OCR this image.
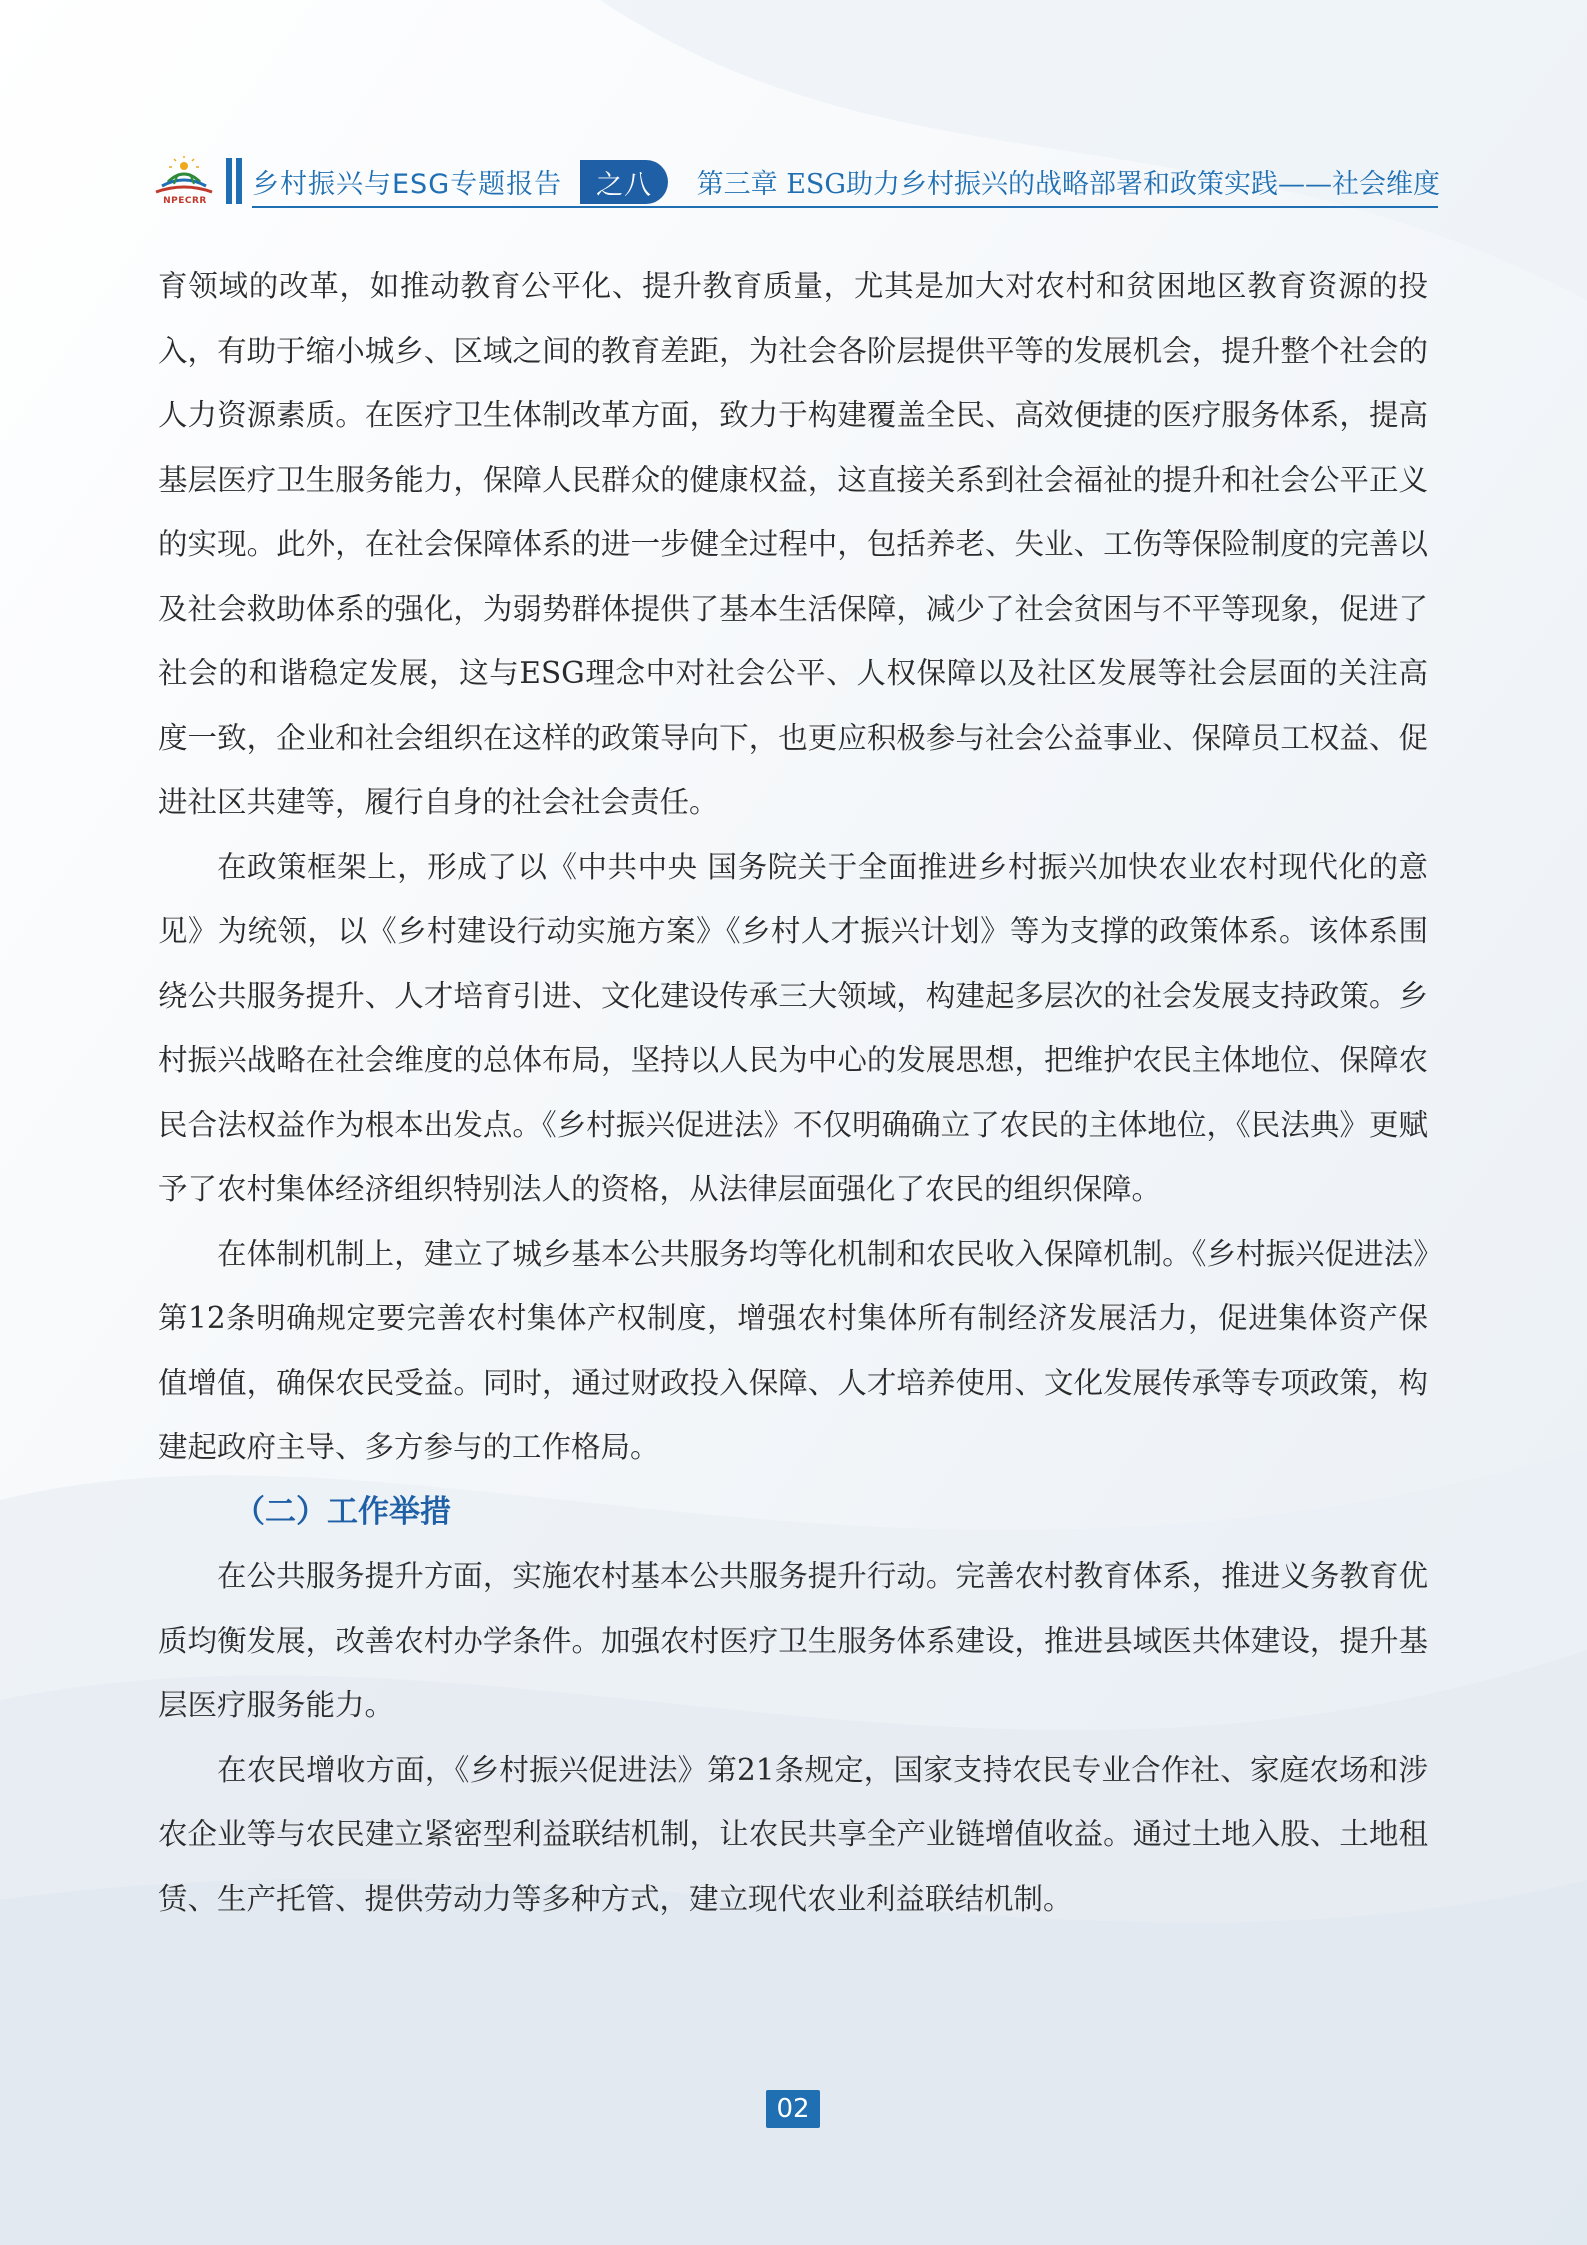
NPECRR
乡村振兴与ESG专题报告	之八	第三章 ESG助力乡村振兴的战略部署和政策实践——社会维度

育领域的改革，如推动教育公平化、提升教育质量，尤其是加大对农村和贫困地区教育资源的投入，有助于缩小城乡、区域之间的教育差距，为社会各阶层提供平等的发展机会，提升整个社会的人力资源素质。在医疗卫生体制改革方面，致力于构建覆盖全民、高效便捷的医疗服务体系，提高基层医疗卫生服务能力，保障人民群众的健康权益，这直接关系到社会福祉的提升和社会公平正义的实现。此外，在社会保障体系的进一步健全过程中，包括养老、失业、工伤等保险制度的完善以及社会救助体系的强化，为弱势群体提供了基本生活保障，减少了社会贫困与不平等现象，促进了社会的和谐稳定发展，这与ESG理念中对社会公平、人权保障以及社区发展等社会层面的关注高度一致，企业和社会组织在这样的政策导向下，也更应积极参与社会公益事业、保障员工权益、促进社区共建等，履行自身的社会社会责任。

在政策框架上，形成了以《中共中央 国务院关于全面推进乡村振兴加快农业农村现代化的意见》为统领，以《乡村建设行动实施方案》《乡村人才振兴计划》等为支撑的政策体系。该体系围绕公共服务提升、人才培育引进、文化建设传承三大领域，构建起多层次的社会发展支持政策。乡村振兴战略在社会维度的总体布局，坚持以人民为中心的发展思想，把维护农民主体地位、保障农民合法权益作为根本出发点。《乡村振兴促进法》不仅明确确立了农民的主体地位，《民法典》更赋予了农村集体经济组织特别法人的资格，从法律层面强化了农民的组织保障。

在体制机制上，建立了城乡基本公共服务均等化机制和农民收入保障机制。《乡村振兴促进法》第12条明确规定要完善农村集体产权制度，增强农村集体所有制经济发展活力，促进集体资产保值增值，确保农民受益。同时，通过财政投入保障、人才培养使用、文化发展传承等专项政策，构建起政府主导、多方参与的工作格局。

（二）工作举措

在公共服务提升方面，实施农村基本公共服务提升行动。完善农村教育体系，推进义务教育优质均衡发展，改善农村办学条件。加强农村医疗卫生服务体系建设，推进县域医共体建设，提升基层医疗服务能力。

在农民增收方面，《乡村振兴促进法》第21条规定，国家支持农民专业合作社、家庭农场和涉农企业等与农民建立紧密型利益联结机制，让农民共享全产业链增值收益。通过土地入股、土地租赁、生产托管、提供劳动力等多种方式，建立现代农业利益联结机制。

02
